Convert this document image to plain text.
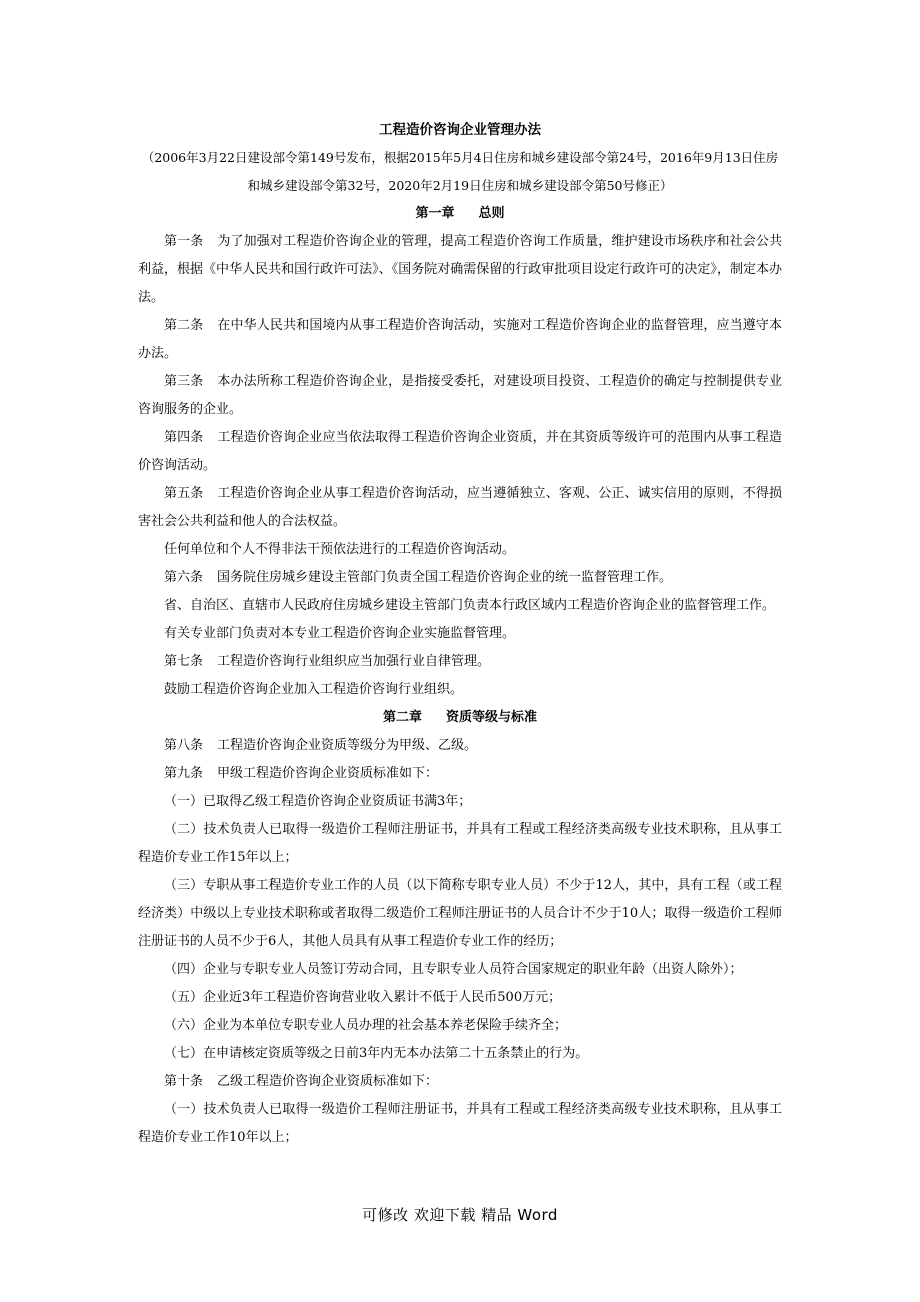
工程造价咨询企业管理办法
（2006年3月22日建设部令第149号发布，根据2015年5月4日住房和城乡建设部令第24号，2016年9月13日住房和城乡建设部令第32号，2020年2月19日住房和城乡建设部令第50号修正）
第一章 总则

第一条 为了加强对工程造价咨询企业的管理，提高工程造价咨询工作质量，维护建设市场秩序和社会公共利益，根据《中华人民共和国行政许可法》、《国务院对确需保留的行政审批项目设定行政许可的决定》，制定本办法。

第二条 在中华人民共和国境内从事工程造价咨询活动，实施对工程造价咨询企业的监督管理，应当遵守本办法。

第三条 本办法所称工程造价咨询企业，是指接受委托，对建设项目投资、工程造价的确定与控制提供专业咨询服务的企业。

第四条 工程造价咨询企业应当依法取得工程造价咨询企业资质，并在其资质等级许可的范围内从事工程造价咨询活动。

第五条 工程造价咨询企业从事工程造价咨询活动，应当遵循独立、客观、公正、诚实信用的原则，不得损害社会公共利益和他人的合法权益。

任何单位和个人不得非法干预依法进行的工程造价咨询活动。

第六条 国务院住房城乡建设主管部门负责全国工程造价咨询企业的统一监督管理工作。

省、自治区、直辖市人民政府住房城乡建设主管部门负责本行政区域内工程造价咨询企业的监督管理工作。

有关专业部门负责对本专业工程造价咨询企业实施监督管理。

第七条 工程造价咨询行业组织应当加强行业自律管理。

鼓励工程造价咨询企业加入工程造价咨询行业组织。

第二章 资质等级与标准

第八条 工程造价咨询企业资质等级分为甲级、乙级。

第九条 甲级工程造价咨询企业资质标准如下：

（一）已取得乙级工程造价咨询企业资质证书满3年；

（二）技术负责人已取得一级造价工程师注册证书，并具有工程或工程经济类高级专业技术职称，且从事工程造价专业工作15年以上；

（三）专职从事工程造价专业工作的人员（以下简称专职专业人员）不少于12人，其中，具有工程（或工程经济类）中级以上专业技术职称或者取得二级造价工程师注册证书的人员合计不少于10人；取得一级造价工程师注册证书的人员不少于6人，其他人员具有从事工程造价专业工作的经历；

（四）企业与专职专业人员签订劳动合同，且专职专业人员符合国家规定的职业年龄（出资人除外）；

（五）企业近3年工程造价咨询营业收入累计不低于人民币500万元；

（六）企业为本单位专职专业人员办理的社会基本养老保险手续齐全；

（七）在申请核定资质等级之日前3年内无本办法第二十五条禁止的行为。

第十条 乙级工程造价咨询企业资质标准如下：

（一）技术负责人已取得一级造价工程师注册证书，并具有工程或工程经济类高级专业技术职称，且从事工程造价专业工作10年以上；

可修改 欢迎下载 精品 Word
